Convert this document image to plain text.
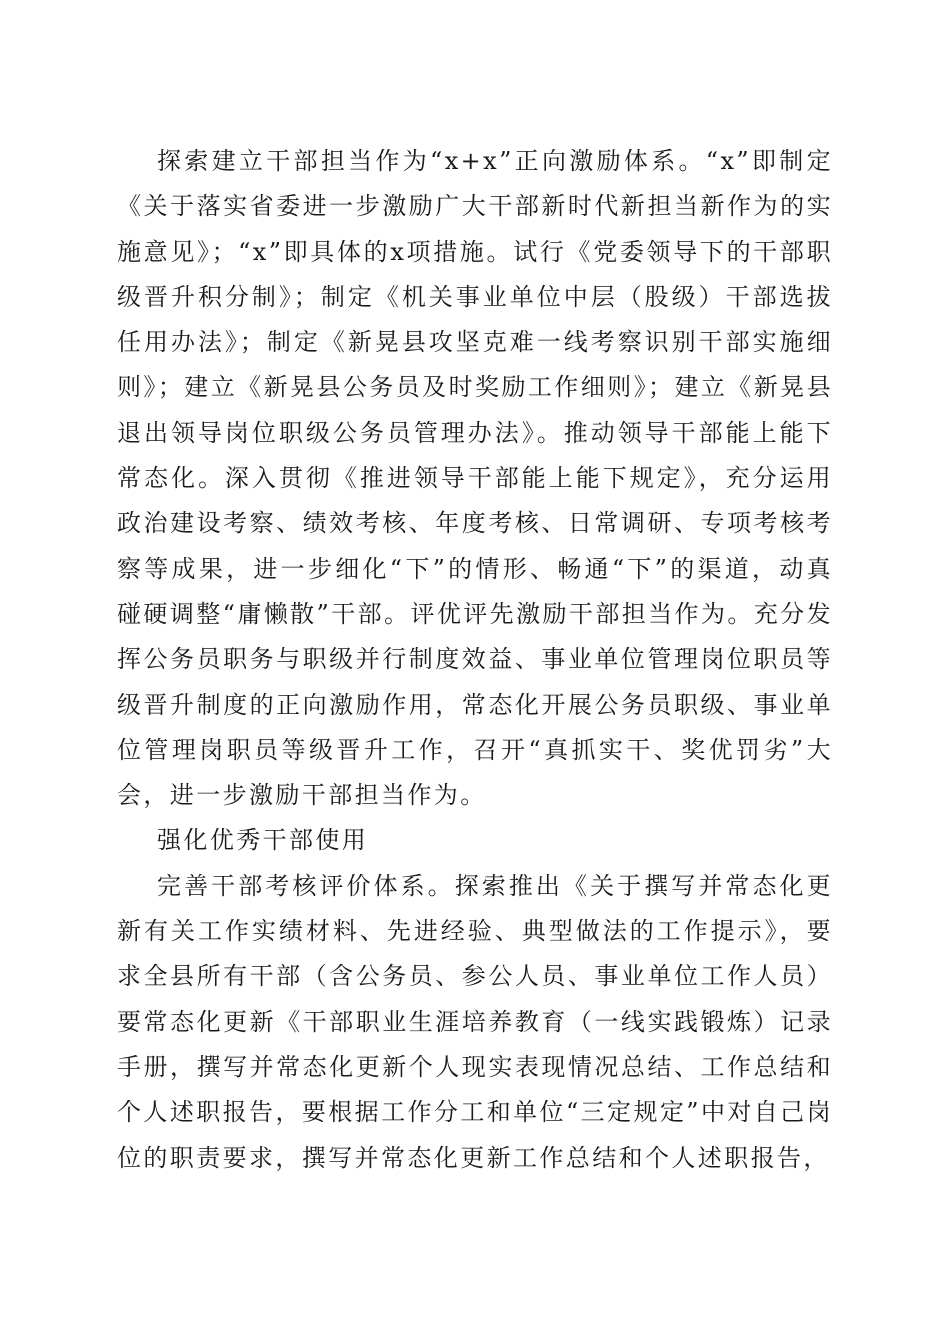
探索建立干部担当作为“x+x”正向激励体系。“x”即制定《关于落实省委进一步激励广大干部新时代新担当新作为的实施意见》；“x”即具体的x项措施。试行《党委领导下的干部职级晋升积分制》；制定《机关事业单位中层（股级）干部选拔任用办法》；制定《新晃县攻坚克难一线考察识别干部实施细则》；建立《新晃县公务员及时奖励工作细则》；建立《新晃县退出领导岗位职级公务员管理办法》。推动领导干部能上能下常态化。深入贯彻《推进领导干部能上能下规定》，充分运用政治建设考察、绩效考核、年度考核、日常调研、专项考核考察等成果，进一步细化“下”的情形、畅通“下”的渠道，动真碰硬调整“庸懒散”干部。评优评先激励干部担当作为。充分发挥公务员职务与职级并行制度效益、事业单位管理岗位职员等级晋升制度的正向激励作用，常态化开展公务员职级、事业单位管理岗职员等级晋升工作，召开“真抓实干、奖优罚劣”大会，进一步激励干部担当作为。

强化优秀干部使用

完善干部考核评价体系。探索推出《关于撰写并常态化更新有关工作实绩材料、先进经验、典型做法的工作提示》，要求全县所有干部（含公务员、参公人员、事业单位工作人员）要常态化更新《干部职业生涯培养教育（一线实践锻炼）记录手册，撰写并常态化更新个人现实表现情况总结、工作总结和个人述职报告，要根据工作分工和单位“三定规定”中对自己岗位的职责要求，撰写并常态化更新工作总结和个人述职报告，
